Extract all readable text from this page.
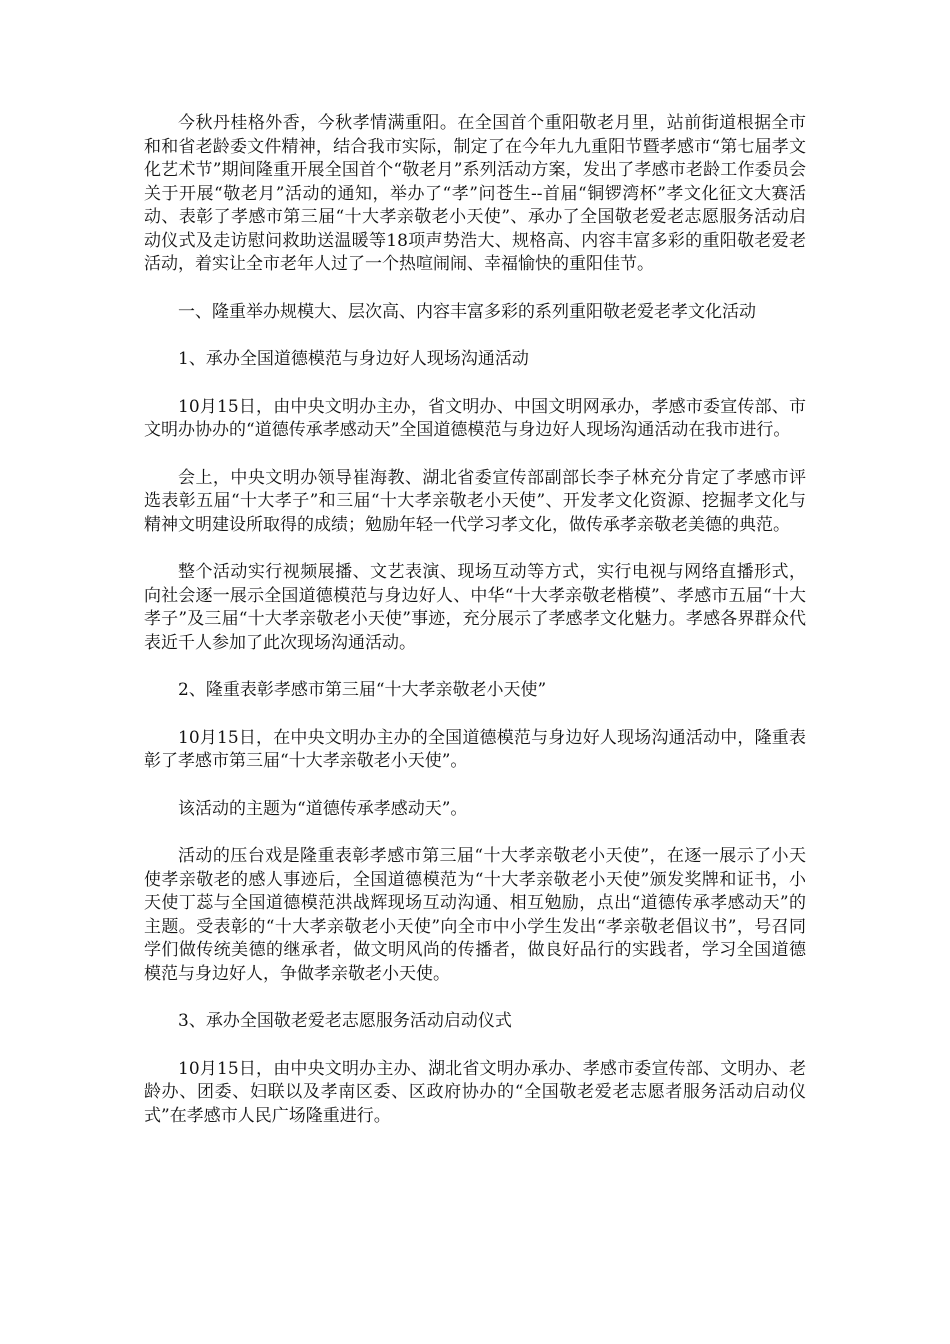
今秋丹桂格外香，今秋孝情满重阳。在全国首个重阳敬老月里，站前街道根据全市和和省老龄委文件精神，结合我市实际，制定了在今年九九重阳节暨孝感市“第七届孝文化艺术节”期间隆重开展全国首个“敬老月”系列活动方案，发出了孝感市老龄工作委员会关于开展“敬老月”活动的通知，举办了“孝”问苍生--首届“铜锣湾杯”孝文化征文大赛活动、表彰了孝感市第三届“十大孝亲敬老小天使”、承办了全国敬老爱老志愿服务活动启动仪式及走访慰问救助送温暖等18项声势浩大、规格高、内容丰富多彩的重阳敬老爱老活动，着实让全市老年人过了一个热喧闹闹、幸福愉快的重阳佳节。

一、隆重举办规模大、层次高、内容丰富多彩的系列重阳敬老爱老孝文化活动

1、承办全国道德模范与身边好人现场沟通活动

10月15日，由中央文明办主办，省文明办、中国文明网承办，孝感市委宣传部、市文明办协办的“道德传承孝感动天”全国道德模范与身边好人现场沟通活动在我市进行。

会上，中央文明办领导崔海教、湖北省委宣传部副部长李子林充分肯定了孝感市评选表彰五届“十大孝子”和三届“十大孝亲敬老小天使”、开发孝文化资源、挖掘孝文化与精神文明建设所取得的成绩；勉励年轻一代学习孝文化，做传承孝亲敬老美德的典范。

整个活动实行视频展播、文艺表演、现场互动等方式，实行电视与网络直播形式，向社会逐一展示全国道德模范与身边好人、中华“十大孝亲敬老楷模”、孝感市五届“十大孝子”及三届“十大孝亲敬老小天使”事迹，充分展示了孝感孝文化魅力。孝感各界群众代表近千人参加了此次现场沟通活动。

2、隆重表彰孝感市第三届“十大孝亲敬老小天使”

10月15日，在中央文明办主办的全国道德模范与身边好人现场沟通活动中，隆重表彰了孝感市第三届“十大孝亲敬老小天使”。

该活动的主题为“道德传承孝感动天”。

活动的压台戏是隆重表彰孝感市第三届“十大孝亲敬老小天使”，在逐一展示了小天使孝亲敬老的感人事迹后，全国道德模范为“十大孝亲敬老小天使”颁发奖牌和证书，小天使丁蕊与全国道德模范洪战辉现场互动沟通、相互勉励，点出“道德传承孝感动天”的主题。受表彰的“十大孝亲敬老小天使”向全市中小学生发出“孝亲敬老倡议书”，号召同学们做传统美德的继承者，做文明风尚的传播者，做良好品行的实践者，学习全国道德模范与身边好人，争做孝亲敬老小天使。

3、承办全国敬老爱老志愿服务活动启动仪式

10月15日，由中央文明办主办、湖北省文明办承办、孝感市委宣传部、文明办、老龄办、团委、妇联以及孝南区委、区政府协办的“全国敬老爱老志愿者服务活动启动仪式”在孝感市人民广场隆重进行。
